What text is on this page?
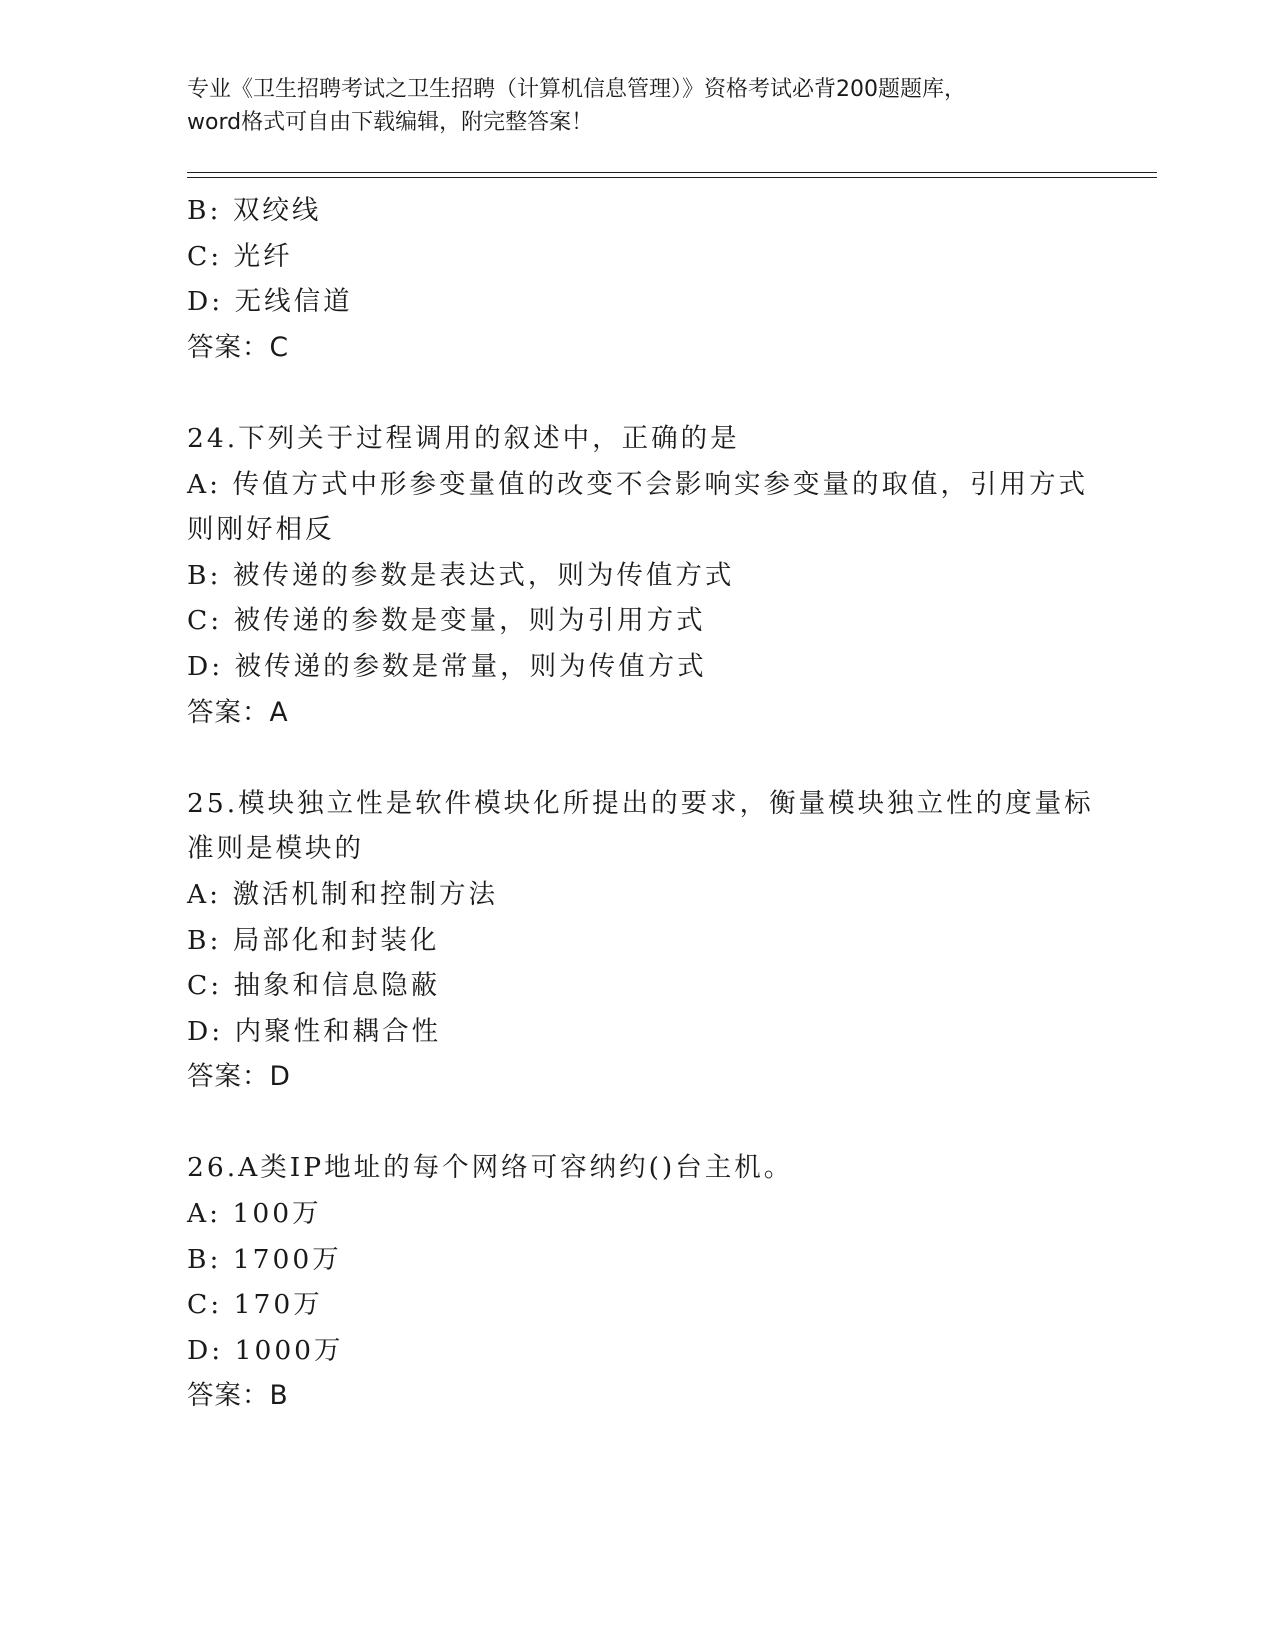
专业《卫生招聘考试之卫生招聘（计算机信息管理）》资格考试必背200题题库，
word格式可自由下载编辑，附完整答案！
B: 双绞线
C: 光纤
D: 无线信道
答案：C
24.下列关于过程调用的叙述中，正确的是
A: 传值方式中形参变量值的改变不会影响实参变量的取值，引用方式
则刚好相反
B: 被传递的参数是表达式，则为传值方式
C: 被传递的参数是变量，则为引用方式
D: 被传递的参数是常量，则为传值方式
答案：A
25.模块独立性是软件模块化所提出的要求，衡量模块独立性的度量标
准则是模块的
A: 激活机制和控制方法
B: 局部化和封装化
C: 抽象和信息隐蔽
D: 内聚性和耦合性
答案：D
26.A类IP地址的每个网络可容纳约()台主机。
A: 100万
B: 1700万
C: 170万
D: 1000万
答案：B
